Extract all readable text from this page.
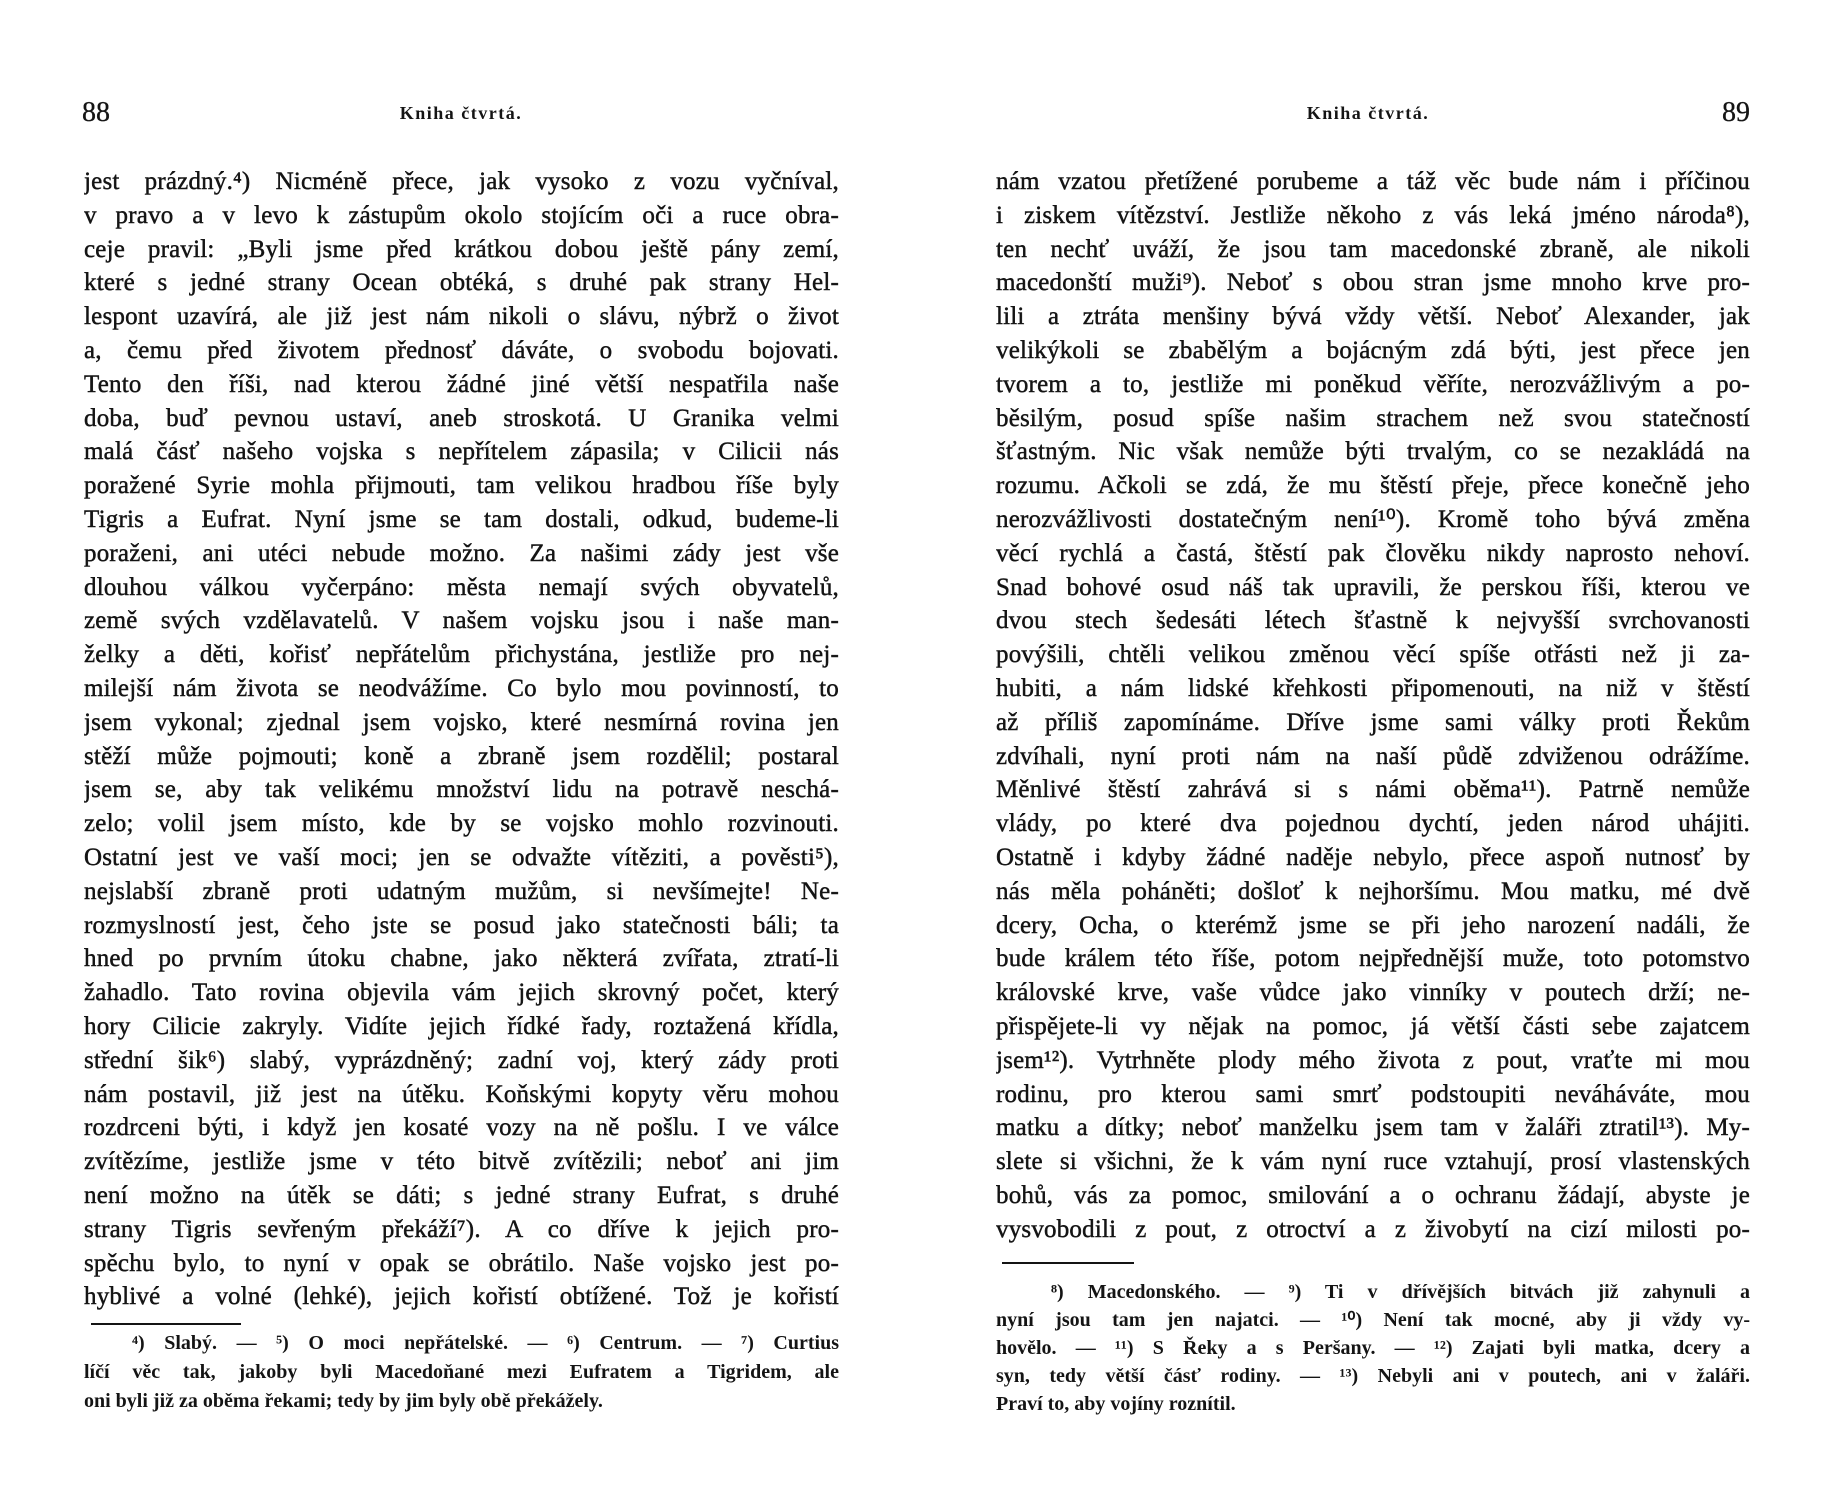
88	Kniha čtvrtá.
jest prázdný.⁴) Nicméně přece, jak vysoko z vozu vyčníval,
v pravo a v levo k zástupům okolo stojícím oči a ruce obra-
ceje pravil: „Byli jsme před krátkou dobou ještě pány zemí,
které s jedné strany Ocean obtéká, s druhé pak strany Hel-
lespont uzavírá, ale již jest nám nikoli o slávu, nýbrž o život
a, čemu před životem přednosť dáváte, o svobodu bojovati.
Tento den říši, nad kterou žádné jiné větší nespatřila naše
doba, buď pevnou ustaví, aneb stroskotá. U Granika velmi
malá čásť našeho vojska s nepřítelem zápasila; v Cilicii nás
poražené Syrie mohla přijmouti, tam velikou hradbou říše byly
Tigris a Eufrat. Nyní jsme se tam dostali, odkud, budeme-li
poraženi, ani utéci nebude možno. Za našimi zády jest vše
dlouhou válkou vyčerpáno: města nemají svých obyvatelů,
země svých vzdělavatelů. V našem vojsku jsou i naše man-
želky a děti, kořisť nepřátelům přichystána, jestliže pro nej-
milejší nám života se neodvážíme. Co bylo mou povinností, to
jsem vykonal; zjednal jsem vojsko, které nesmírná rovina jen
stěží může pojmouti; koně a zbraně jsem rozdělil; postaral
jsem se, aby tak velikému množství lidu na potravě neschá-
zelo; volil jsem místo, kde by se vojsko mohlo rozvinouti.
Ostatní jest ve vaší moci; jen se odvažte vítěziti, a pověsti⁵),
nejslabší zbraně proti udatným mužům, si nevšímejte! Ne-
rozmyslností jest, čeho jste se posud jako statečnosti báli; ta
hned po prvním útoku chabne, jako některá zvířata, ztratí-li
žahadlo. Tato rovina objevila vám jejich skrovný počet, který
hory Cilicie zakryly. Vidíte jejich řídké řady, roztažená křídla,
střední šik⁶) slabý, vyprázdněný; zadní voj, který zády proti
nám postavil, již jest na útěku. Koňskými kopyty věru mohou
rozdrceni býti, i když jen kosaté vozy na ně pošlu. I ve válce
zvítězíme, jestliže jsme v této bitvě zvítězili; neboť ani jim
není možno na útěk se dáti; s jedné strany Eufrat, s druhé
strany Tigris sevřeným překáží⁷). A co dříve k jejich pro-
spěchu bylo, to nyní v opak se obrátilo. Naše vojsko jest po-
hyblivé a volné (lehké), jejich kořistí obtížené. Tož je kořistí
⁴) Slabý. — ⁵) O moci nepřátelské. — ⁶) Centrum. — ⁷) Curtius
líčí věc tak, jakoby byli Macedoňané mezi Eufratem a Tigridem, ale
oni byli již za oběma řekami; tedy by jim byly obě překážely.
Kniha čtvrtá.	89
nám vzatou přetížené porubeme a táž věc bude nám i příčinou
i ziskem vítězství. Jestliže někoho z vás leká jméno národa⁸),
ten nechť uváží, že jsou tam macedonské zbraně, ale nikoli
macedonští muži⁹). Neboť s obou stran jsme mnoho krve pro-
lili a ztráta menšiny bývá vždy větší. Neboť Alexander, jak
velikýkoli se zbabělým a bojácným zdá býti, jest přece jen
tvorem a to, jestliže mi poněkud věříte, nerozvážlivým a po-
běsilým, posud spíše našim strachem než svou statečností
šťastným. Nic však nemůže býti trvalým, co se nezakládá na
rozumu. Ačkoli se zdá, že mu štěstí přeje, přece konečně jeho
nerozvážlivosti dostatečným není¹⁰). Kromě toho bývá změna
věcí rychlá a častá, štěstí pak člověku nikdy naprosto nehoví.
Snad bohové osud náš tak upravili, že perskou říši, kterou ve
dvou stech šedesáti létech šťastně k nejvyšší svrchovanosti
povýšili, chtěli velikou změnou věcí spíše otřásti než ji za-
hubiti, a nám lidské křehkosti připomenouti, na niž v štěstí
až příliš zapomínáme. Dříve jsme sami války proti Řekům
zdvíhali, nyní proti nám na naší půdě zdviženou odrážíme.
Měnlivé štěstí zahrává si s námi oběma¹¹). Patrně nemůže
vlády, po které dva pojednou dychtí, jeden národ uhájiti.
Ostatně i kdyby žádné naděje nebylo, přece aspoň nutnosť by
nás měla poháněti; došloť k nejhoršímu. Mou matku, mé dvě
dcery, Ocha, o kterémž jsme se při jeho narození nadáli, že
bude králem této říše, potom nejpřednější muže, toto potomstvo
královské krve, vaše vůdce jako vinníky v poutech drží; ne-
přispějete-li vy nějak na pomoc, já větší části sebe zajatcem
jsem¹²). Vytrhněte plody mého života z pout, vraťte mi mou
rodinu, pro kterou sami smrť podstoupiti neváháváte, mou
matku a dítky; neboť manželku jsem tam v žaláři ztratil¹³). My-
slete si všichni, že k vám nyní ruce vztahují, prosí vlastenských
bohů, vás za pomoc, smilování a o ochranu žádají, abyste je
vysvobodili z pout, z otroctví a z živobytí na cizí milosti po-
⁸) Macedonského. — ⁹) Ti v dřívějších bitvách již zahynuli a
nyní jsou tam jen najatci. — ¹⁰) Není tak mocné, aby ji vždy vy-
hovělo. — ¹¹) S Řeky a s Peršany. — ¹²) Zajati byli matka, dcery a
syn, tedy větší čásť rodiny. — ¹³) Nebyli ani v poutech, ani v žaláři.
Praví to, aby vojíny roznítil.
